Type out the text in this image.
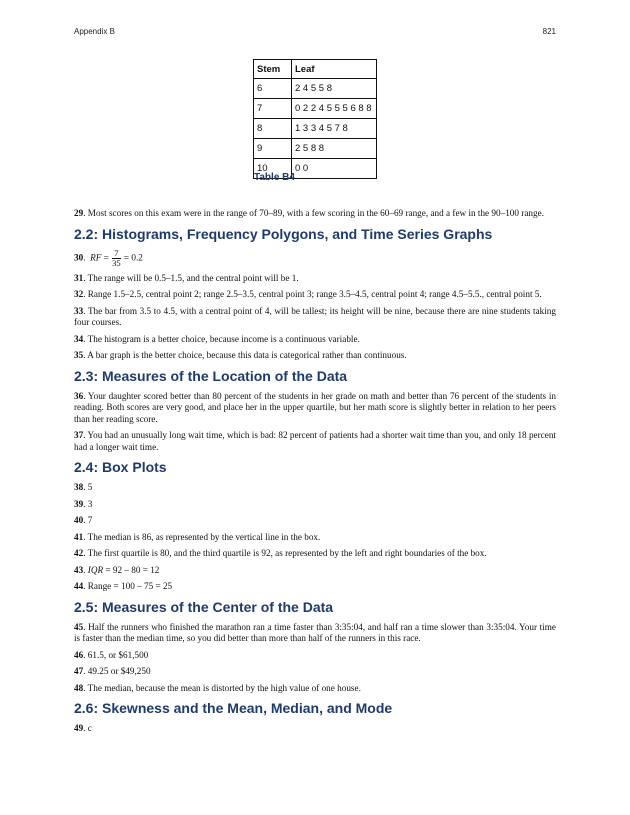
Appendix B	821
Stem	Leaf
6	2 4 5 5 8
7	0 2 2 4 5 5 5 6 8 8
8	1 3 3 4 5 7 8
9	2 5 8 8
10	0 0
Table B4

29. Most scores on this exam were in the range of 70–89, with a few scoring in the 60–69 range, and a few in the 90–100 range.

2.2: Histograms, Frequency Polygons, and Time Series Graphs

30.  RF = $\frac{7}{35} = 0.2$

31. The range will be 0.5–1.5, and the central point will be 1.

32. Range 1.5–2.5, central point 2; range 2.5–3.5, central point 3; range 3.5–4.5, central point 4; range 4.5–5.5., central point 5.

33. The bar from 3.5 to 4.5, with a central point of 4, will be tallest; its height will be nine, because there are nine students taking four courses.

34. The histogram is a better choice, because income is a continuous variable.

35. A bar graph is the better choice, because this data is categorical rather than continuous.

2.3: Measures of the Location of the Data

36. Your daughter scored better than 80 percent of the students in her grade on math and better than 76 percent of the students in reading. Both scores are very good, and place her in the upper quartile, but her math score is slightly better in relation to her peers than her reading score.

37. You had an unusually long wait time, which is bad: 82 percent of patients had a shorter wait time than you, and only 18 percent had a longer wait time.

2.4: Box Plots

38. 5

39. 3

40. 7

41. The median is 86, as represented by the vertical line in the box.

42. The first quartile is 80, and the third quartile is 92, as represented by the left and right boundaries of the box.

43. IQR = 92 – 80 = 12

44. Range = 100 – 75 = 25

2.5: Measures of the Center of the Data

45. Half the runners who finished the marathon ran a time faster than 3:35:04, and half ran a time slower than 3:35:04. Your time is faster than the median time, so you did better than more than half of the runners in this race.

46. 61.5, or $61,500

47. 49.25 or $49,250

48. The median, because the mean is distorted by the high value of one house.

2.6: Skewness and the Mean, Median, and Mode

49. c
